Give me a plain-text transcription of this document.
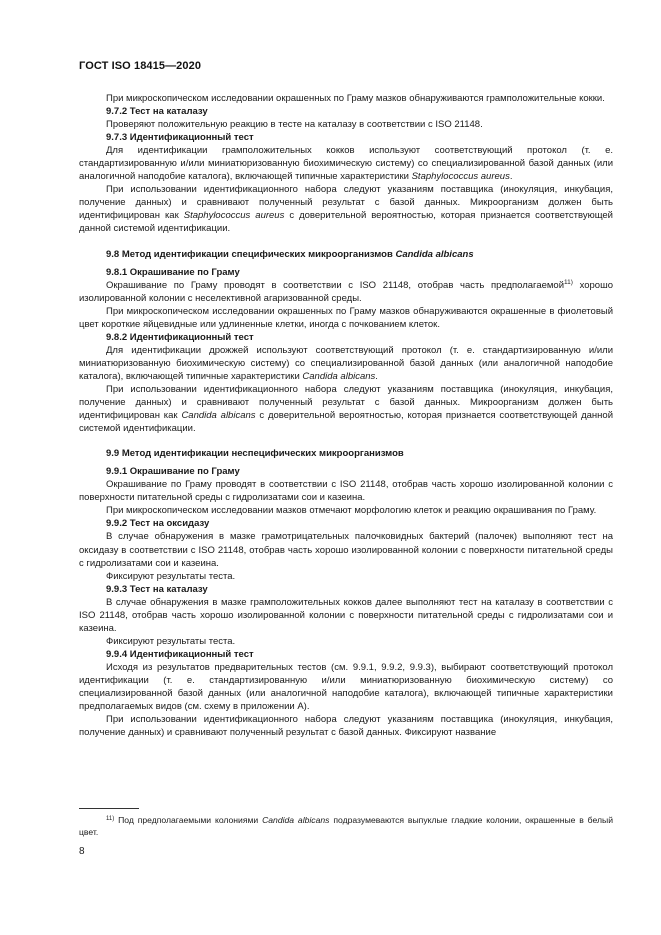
ГОСТ ISO 18415—2020

При микроскопическом исследовании окрашенных по Граму мазков обнаруживаются грамположительные кокки.

9.7.2 Тест на каталазу

Проверяют положительную реакцию в тесте на каталазу в соответствии с ISO 21148.

9.7.3 Идентификационный тест

Для идентификации грамположительных кокков используют соответствующий протокол (т. е. стандартизированную и/или миниатюризованную биохимическую систему) со специализированной базой данных (или аналогичной наподобие каталога), включающей типичные характеристики Staphylococcus aureus.

При использовании идентификационного набора следуют указаниям поставщика (инокуляция, инкубация, получение данных) и сравнивают полученный результат с базой данных. Микроорганизм должен быть идентифицирован как Staphylococcus aureus с доверительной вероятностью, которая признается соответствующей данной системой идентификации.

9.8 Метод идентификации специфических микроорганизмов Candida albicans

9.8.1 Окрашивание по Граму

Окрашивание по Граму проводят в соответствии с ISO 21148, отобрав часть предполагаемой$^{11)}$ хорошо изолированной колонии с неселективной агаризованной среды.

При микроскопическом исследовании окрашенных по Граму мазков обнаруживаются окрашенные в фиолетовый цвет короткие яйцевидные или удлиненные клетки, иногда с почкованием клеток.

9.8.2 Идентификационный тест

Для идентификации дрожжей используют соответствующий протокол (т. е. стандартизированную и/или миниатюризованную биохимическую систему) со специализированной базой данных (или аналогичной наподобие каталога), включающей типичные характеристики Candida albicans.

При использовании идентификационного набора следуют указаниям поставщика (инокуляция, инкубация, получение данных) и сравнивают полученный результат с базой данных. Микроорганизм должен быть идентифицирован как Candida albicans с доверительной вероятностью, которая признается соответствующей данной системой идентификации.

9.9 Метод идентификации неспецифических микроорганизмов

9.9.1 Окрашивание по Граму

Окрашивание по Граму проводят в соответствии с ISO 21148, отобрав часть хорошо изолированной колонии с поверхности питательной среды с гидролизатами сои и казеина.

При микроскопическом исследовании мазков отмечают морфологию клеток и реакцию окрашивания по Граму.

9.9.2 Тест на оксидазу

В случае обнаружения в мазке грамотрицательных палочковидных бактерий (палочек) выполняют тест на оксидазу в соответствии с ISO 21148, отобрав часть хорошо изолированной колонии с поверхности питательной среды с гидролизатами сои и казеина.

Фиксируют результаты теста.

9.9.3 Тест на каталазу

В случае обнаружения в мазке грамположительных кокков далее выполняют тест на каталазу в соответствии с ISO 21148, отобрав часть хорошо изолированной колонии с поверхности питательной среды с гидролизатами сои и казеина.

Фиксируют результаты теста.

9.9.4 Идентификационный тест

Исходя из результатов предварительных тестов (см. 9.9.1, 9.9.2, 9.9.3), выбирают соответствующий протокол идентификации (т. е. стандартизированную и/или миниатюризованную биохимическую систему) со специализированной базой данных (или аналогичной наподобие каталога), включающей типичные характеристики предполагаемых видов (см. схему в приложении А).

При использовании идентификационного набора следуют указаниям поставщика (инокуляция, инкубация, получение данных) и сравнивают полученный результат с базой данных. Фиксируют название

$^{11)}$ Под предполагаемыми колониями Candida albicans подразумеваются выпуклые гладкие колонии, окрашенные в белый цвет.
8
